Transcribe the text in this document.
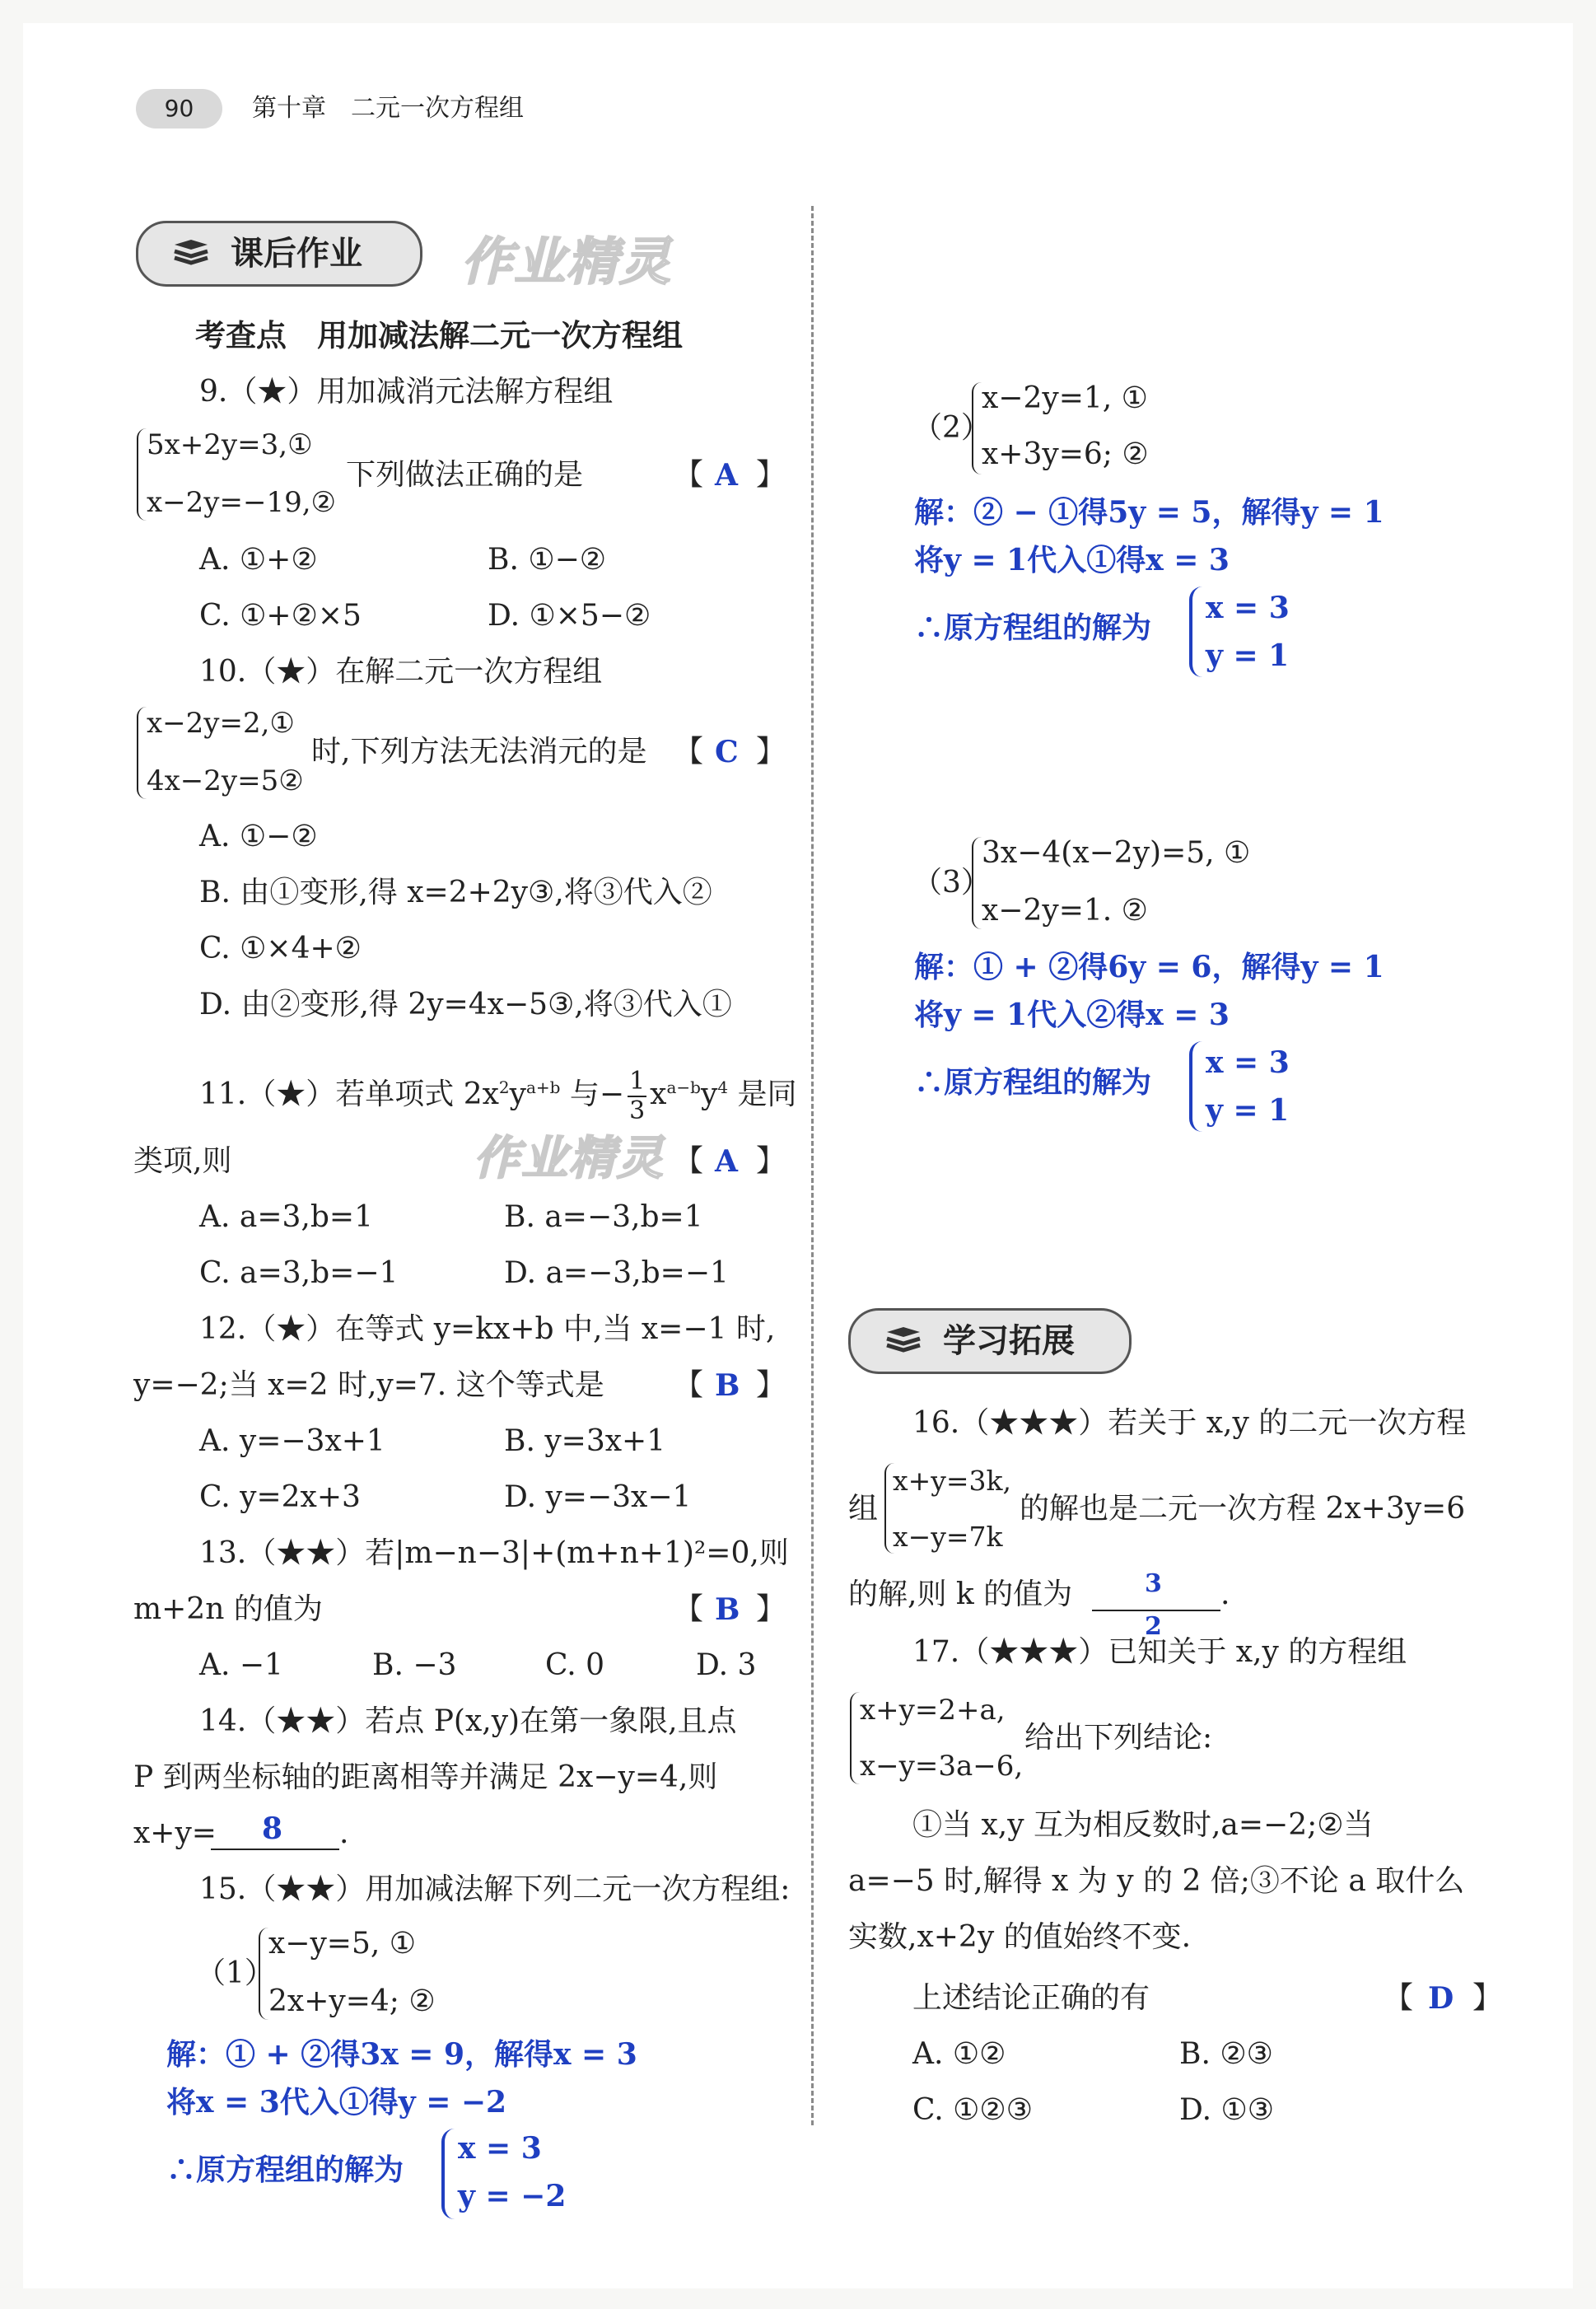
90	第十章　二元一次方程组
课后作业 作业精灵
考查点　用加减法解二元一次方程组
9.（★）用加减消元法解方程组
5x+2y=3,①
x−2y=−19,②
下列做法正确的是	【 A 】
A. ①+②	B. ①−②
C. ①+②×5	D. ①×5−②
10.（★）在解二元一次方程组
x−2y=2,①
4x−2y=5②
时,下列方法无法消元的是 【 C 】
A. ①−②
B. 由①变形,得 x=2+2y③,将③代入②
C. ①×4+②
D. 由②变形,得 2y=4x−5③,将③代入①
11.（★）若单项式 $2x^2y^{a+b}$ 与− $\frac{1}{3} x^{a-b}y^4$ 是同
类项,则	作业精灵 【 A 】
A. a=3,b=1	B. a=−3,b=1
C. a=3,b=−1	D. a=−3,b=−1
12.（★）在等式 y=kx+b 中,当 x=−1 时,
y=−2;当 x=2 时,y=7. 这个等式是 【 B 】
A. y=−3x+1	B. y=3x+1
C. y=2x+3	D. y=−3x−1
13.（★★）若|m−n−3|+(m+n+1)²=0,则
m+2n 的值为	【 B 】
A. −1	B. −3	C. 0	D. 3
14.（★★）若点 P(x,y)在第一象限,且点
P 到两坐标轴的距离相等并满足 2x−y=4,则
x+y= 8 .
15.（★★）用加减法解下列二元一次方程组:
（1）
x−y=5, ①
2x+y=4; ②
解：① + ②得3x = 9，解得x = 3
将x = 3代入①得y = −2
∴原方程组的解为
x = 3
y = −2
（2）
x−2y=1, ①
x+3y=6; ②
解：② − ①得5y = 5，解得y = 1
将y = 1代入①得x = 3
∴原方程组的解为
x = 3
y = 1
（3）
3x−4(x−2y)=5, ①
x−2y=1. ②
解：① + ②得6y = 6，解得y = 1
将y = 1代入②得x = 3
∴原方程组的解为
x = 3
y = 1
学习拓展
16.（★★★）若关于 x,y 的二元一次方程
组
x+y=3k,
x−y=7k
的解也是二元一次方程 2x+3y=6
的解,则 k 的值为	3
2
.
17.（★★★）已知关于 x,y 的方程组
x+y=2+a,
x−y=3a−6,
给出下列结论:
①当 x,y 互为相反数时,a=−2;②当
a=−5 时,解得 x 为 y 的 2 倍;③不论 a 取什么
实数,x+2y 的值始终不变.
上述结论正确的有	【 D 】
A. ①②	B. ②③
C. ①②③	D. ①③
